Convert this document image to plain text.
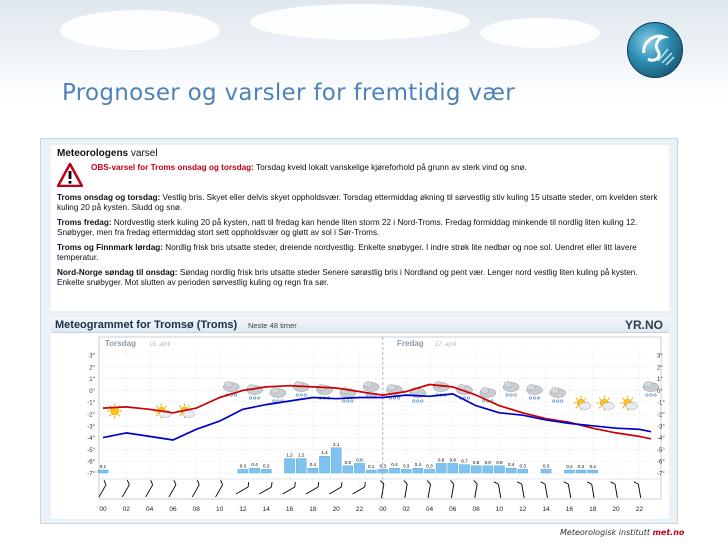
Prognoser og varsler for fremtidig vær
Meteorologens varsel
OBS-varsel for Troms onsdag og torsdag: Torsdag kveld lokalt vanskelige kjøreforhold på grunn av sterk vind og snø.
Troms onsdag og torsdag: Vestlig bris. Skyet eller delvis skyet oppholdsvær. Torsdag ettermiddag økning til sørvestlig stiv kuling 15 utsatte steder, om kvelden sterk kuling 20 på kysten. Sludd og snø.
Troms fredag: Nordvestlig sterk kuling 20 på kysten, natt til fredag kan hende liten storm 22 i Nord-Troms. Fredag formiddag minkende til nordlig liten kuling 12. Snøbyger, men fra fredag ettermiddag stort sett oppholdsvær og gløtt av sol i Sør-Troms.
Troms og Finnmark lørdag: Nordlig frisk bris utsatte steder, dreiende nordvestlig. Enkelte snøbyger. I indre strøk lite nedbør og noe sol. Uendret eller litt lavere temperatur.
Nord-Norge søndag til onsdag: Søndag nordlig frisk bris utsatte steder Senere sørøstlig bris i Nordland og pent vær. Lenger nord vestlig liten kuling på kysten. Enkelte snøbyger. Mot slutten av perioden sørvestlig kuling og regn fra sør.
Meteogrammet for Tromsø (Troms) Neste 48 timer	YR.NO
Torsdag 16. april	Fredag 17. april
0.1	0.3 0.4 0.3
1.2 1.2
0.4
1.4
2.1
0.6 0.8
0.1 0.3 0.4 0.3 0.4 0.3
0.8 0.8 0.7 0.6 0.6 0.6 0.4 0.3	0.3	0.2 0.2 0.2
3°	3°
2°	2°
1°	1°
0°	0°
-1°	-1°
-2°	-2°
-3°	-3°
-4°	-4°
-5°	-5°
-6°	-6°
-7°	-7°
00 02 04 06 08 10 12 14 16 18 20 22 00 02 04 06 08 10 12 14 16 18 20 22
Meteorologisk institutt met.no
